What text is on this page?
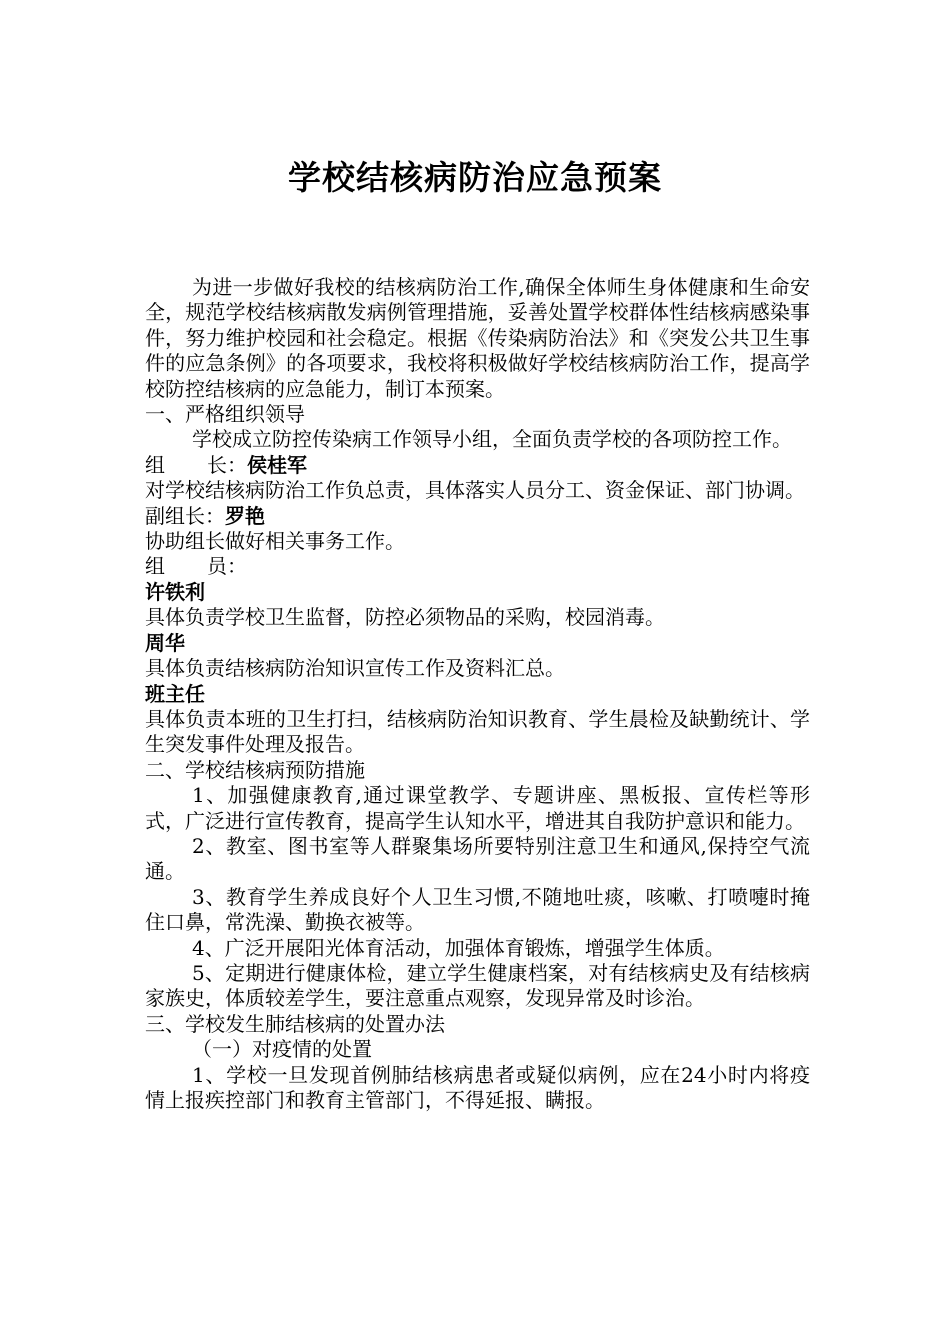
学校结核病防治应急预案

为进一步做好我校的结核病防治工作,确保全体师生身体健康和生命安全，规范学校结核病散发病例管理措施，妥善处置学校群体性结核病感染事件，努力维护校园和社会稳定。根据《传染病防治法》和《突发公共卫生事件的应急条例》的各项要求，我校将积极做好学校结核病防治工作，提高学校防控结核病的应急能力，制订本预案。

一、严格组织领导

学校成立防控传染病工作领导小组，全面负责学校的各项防控工作。

组 长：侯桂军

对学校结核病防治工作负总责，具体落实人员分工、资金保证、部门协调。

副组长：罗艳

协助组长做好相关事务工作。

组 员：

许铁利

具体负责学校卫生监督，防控必须物品的采购，校园消毒。

周华

具体负责结核病防治知识宣传工作及资料汇总。

班主任

具体负责本班的卫生打扫，结核病防治知识教育、学生晨检及缺勤统计、学生突发事件处理及报告。

二、学校结核病预防措施

1、加强健康教育,通过课堂教学、专题讲座、黑板报、宣传栏等形式，广泛进行宣传教育，提高学生认知水平，增进其自我防护意识和能力。

2、教室、图书室等人群聚集场所要特别注意卫生和通风,保持空气流通。

3、教育学生养成良好个人卫生习惯,不随地吐痰，咳嗽、打喷嚏时掩住口鼻，常洗澡、勤换衣被等。

4、广泛开展阳光体育活动，加强体育锻炼，增强学生体质。

5、定期进行健康体检，建立学生健康档案，对有结核病史及有结核病家族史，体质较差学生，要注意重点观察，发现异常及时诊治。

三、学校发生肺结核病的处置办法

（一）对疫情的处置

1、学校一旦发现首例肺结核病患者或疑似病例，应在24小时内将疫情上报疾控部门和教育主管部门，不得延报、瞒报。
